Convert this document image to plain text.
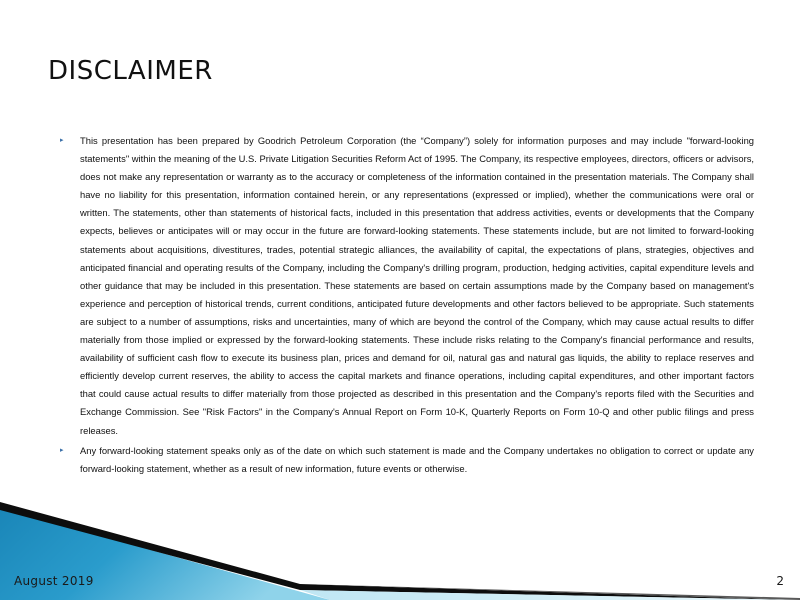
DISCLAIMER
▸ This presentation has been prepared by Goodrich Petroleum Corporation (the “Company”) solely for information purposes and may include "forward-looking statements" within the meaning of the U.S. Private Litigation Securities Reform Act of 1995. The Company, its respective employees, directors, officers or advisors, does not make any representation or warranty as to the accuracy or completeness of the information contained in the presentation materials. The Company shall have no liability for this presentation, information contained herein, or any representations (expressed or implied), whether the communications were oral or written. The statements, other than statements of historical facts, included in this presentation that address activities, events or developments that the Company expects, believes or anticipates will or may occur in the future are forward-looking statements. These statements include, but are not limited to forward-looking statements about acquisitions, divestitures, trades, potential strategic alliances, the availability of capital, the expectations of plans, strategies, objectives and anticipated financial and operating results of the Company, including the Company's drilling program, production, hedging activities, capital expenditure levels and other guidance that may be included in this presentation. These statements are based on certain assumptions made by the Company based on management's experience and perception of historical trends, current conditions, anticipated future developments and other factors believed to be appropriate. Such statements are subject to a number of assumptions, risks and uncertainties, many of which are beyond the control of the Company, which may cause actual results to differ materially from those implied or expressed by the forward-looking statements. These include risks relating to the Company's financial performance and results, availability of sufficient cash flow to execute its business plan, prices and demand for oil, natural gas and natural gas liquids, the ability to replace reserves and efficiently develop current reserves, the ability to access the capital markets and finance operations, including capital expenditures, and other important factors that could cause actual results to differ materially from those projected as described in this presentation and the Company's reports filed with the Securities and Exchange Commission. See "Risk Factors" in the Company's Annual Report on Form 10-K, Quarterly Reports on Form 10-Q and other public filings and press releases.
▸ Any forward-looking statement speaks only as of the date on which such statement is made and the Company undertakes no obligation to correct or update any forward-looking statement, whether as a result of new information, future events or otherwise.
August 2019	2
